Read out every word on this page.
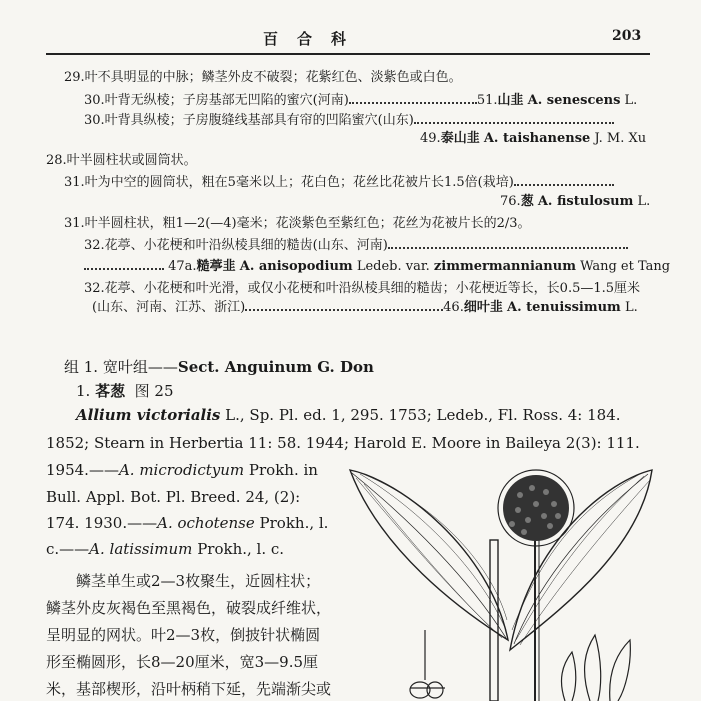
百　合　科	203
29.叶不具明显的中脉；鳞茎外皮不破裂；花紫红色、淡紫色或白色。
30.叶背无纵棱；子房基部无凹陷的蜜穴(河南)	51.山韭 A. senescens L.
30.叶背具纵棱；子房腹缝线基部具有帘的凹陷蜜穴(山东)
49.泰山韭 A. taishanense J. M. Xu
28.叶半圆柱状或圆筒状。
31.叶为中空的圆筒状，粗在5毫米以上；花白色；花丝比花被片长1.5倍(栽培)
76.葱 A. fistulosum L.
31.叶半圆柱状，粗1—2(—4)毫米；花淡紫色至紫红色；花丝为花被片长的2/3。
32.花葶、小花梗和叶沿纵棱具细的糙齿(山东、河南)
47a.糙葶韭 A. anisopodium Ledeb. var. zimmermannianum Wang et Tang
32.花葶、小花梗和叶光滑，或仅小花梗和叶沿纵棱具细的糙齿；小花梗近等长，长0.5—1.5厘米
(山东、河南、江苏、浙江)	46.细叶韭 A. tenuissimum L.
组 1. 宽叶组——Sect. Anguinum G. Don
1. 茖葱 图 25
Allium victorialis L., Sp. Pl. ed. 1, 295. 1753; Ledeb., Fl. Ross. 4: 184.
1852; Stearn in Herbertia 11: 58. 1944; Harold E. Moore in Baileya 2(3): 111.
1954.——A. microdictyum Prokh. in
Bull. Appl. Bot. Pl. Breed. 24, (2):
174. 1930.——A. ochotense Prokh., l.
c.——A. latissimum Prokh., l. c.
　　鳞茎单生或2—3枚聚生，近圆柱状；
鳞茎外皮灰褐色至黑褐色，破裂成纤维状，
呈明显的网状。叶2—3枚，倒披针状椭圆
形至椭圆形，长8—20厘米，宽3—9.5厘
米，基部楔形，沿叶柄稍下延，先端渐尖或
